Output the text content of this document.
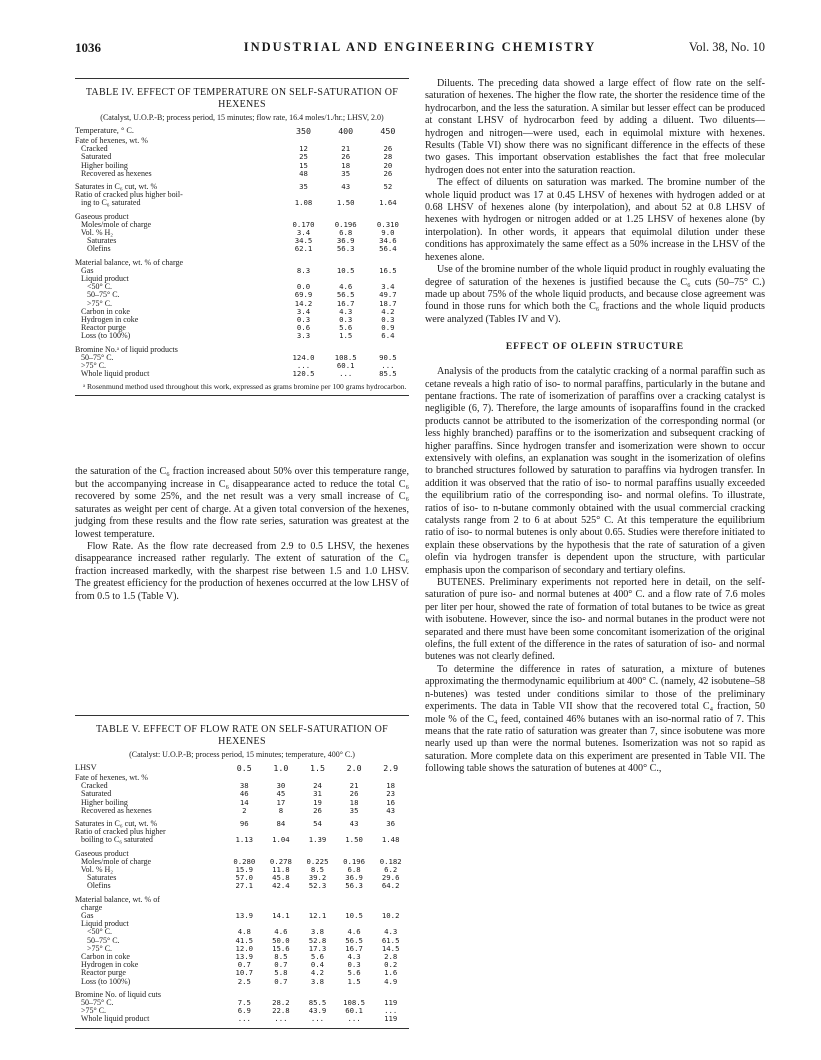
1036	INDUSTRIAL AND ENGINEERING CHEMISTRY	Vol. 38, No. 10
TABLE IV. EFFECT OF TEMPERATURE ON SELF-SATURATION OF HEXENES
(Catalyst, U.O.P.-B; process period, 15 minutes; flow rate, 16.4 moles/1./hr.; LHSV, 2.0)
Temperature, ° C.	350	400	450
Fate of hexenes, wt. %			
Cracked	12	21	26
Saturated	25	26	28
Higher boiling	15	18	20
Recovered as hexenes	48	35	26

Saturates in C₆ cut, wt. %	35	43	52
Ratio of cracked plus higher boil-			
ing to C₆ saturated	1.08	1.50	1.64

Gaseous product			
Moles/mole of charge	0.170	0.196	0.310
Vol. % H₂	3.4	6.8	9.0
Saturates	34.5	36.9	34.6
Olefins	62.1	56.3	56.4

Material balance, wt. % of charge			
Gas	8.3	10.5	16.5
Liquid product			
<50° C.	0.0	4.6	3.4
50–75° C.	69.9	56.5	49.7
>75° C.	14.2	16.7	18.7
Carbon in coke	3.4	4.3	4.2
Hydrogen in coke	0.3	0.3	0.3
Reactor purge	0.6	5.6	0.9
Loss (to 100%)	3.3	1.5	6.4

Bromine No.ᵃ of liquid products			
50–75° C.	124.0	108.5	90.5
>75° C.	...	60.1	...
Whole liquid product	120.5	...	85.5
ᵃ Rosenmund method used throughout this work, expressed as grams bromine per 100 grams hydrocarbon.

the saturation of the C₆ fraction increased about 50% over this temperature range, but the accompanying increase in C₆ disappearance acted to reduce the total C₆ recovered by some 25%, and the net result was a very small increase of C₆ saturates as weight per cent of charge. At a given total conversion of the hexenes, judging from these results and the flow rate series, saturation was greatest at the lowest temperature.

Flow Rate. As the flow rate decreased from 2.9 to 0.5 LHSV, the hexenes disappearance increased rather regularly. The extent of saturation of the C₆ fraction increased markedly, with the sharpest rise between 1.5 and 1.0 LHSV. The greatest efficiency for the production of hexenes occurred at the low LHSV of from 0.5 to 1.5 (Table V).

TABLE V. EFFECT OF FLOW RATE ON SELF-SATURATION OF HEXENES
(Catalyst: U.O.P.-B; process period, 15 minutes; temperature, 400° C.)
LHSV	0.5	1.0	1.5	2.0	2.9
Fate of hexenes, wt. %					
Cracked	38	30	24	21	18
Saturated	46	45	31	26	23
Higher boiling	14	17	19	18	16
Recovered as hexenes	2	8	26	35	43

Saturates in C₆ cut, wt. %	96	84	54	43	36
Ratio of cracked plus higher					
boiling to C₆ saturated	1.13	1.04	1.39	1.50	1.48

Gaseous product					
Moles/mole of charge	0.280	0.278	0.225	0.196	0.182
Vol. % H₂	15.9	11.8	8.5	6.8	6.2
Saturates	57.0	45.8	39.2	36.9	29.6
Olefins	27.1	42.4	52.3	56.3	64.2

Material balance, wt. % of					
charge					
Gas	13.9	14.1	12.1	10.5	10.2
Liquid product					
<50° C.	4.8	4.6	3.8	4.6	4.3
50–75° C.	41.5	50.0	52.8	56.5	61.5
>75° C.	12.0	15.6	17.3	16.7	14.5
Carbon in coke	13.9	8.5	5.6	4.3	2.8
Hydrogen in coke	0.7	0.7	0.4	0.3	0.2
Reactor purge	10.7	5.8	4.2	5.6	1.6
Loss (to 100%)	2.5	0.7	3.8	1.5	4.9

Bromine No. of liquid cuts					
50–75° C.	7.5	28.2	85.5	108.5	119
>75° C.	6.9	22.8	43.9	60.1	...
Whole liquid product	...	...	...	...	119

Diluents. The preceding data showed a large effect of flow rate on the self-saturation of hexenes. The higher the flow rate, the shorter the residence time of the hydrocarbon, and the less the saturation. A similar but lesser effect can be produced at constant LHSV of hydrocarbon feed by adding a diluent. Two diluents—hydrogen and nitrogen—were used, each in equimolal mixture with hexenes. Results (Table VI) show there was no significant difference in the effects of these two gases. This important observation establishes the fact that free molecular hydrogen does not enter into the saturation reaction.

The effect of diluents on saturation was marked. The bromine number of the whole liquid product was 17 at 0.45 LHSV of hexenes with hydrogen added or at 0.68 LHSV of hexenes alone (by interpolation), and about 52 at 0.8 LHSV of hexenes with hydrogen or nitrogen added or at 1.25 LHSV of hexenes alone (by interpolation). In other words, it appears that equimolal dilution under these conditions has approximately the same effect as a 50% increase in the LHSV of the hexenes alone.

Use of the bromine number of the whole liquid product in roughly evaluating the degree of saturation of the hexenes is justified because the C₆ cuts (50–75° C.) made up about 75% of the whole liquid products, and because close agreement was found in those runs for which both the C₆ fractions and the whole liquid products were analyzed (Tables IV and V).

EFFECT OF OLEFIN STRUCTURE

Analysis of the products from the catalytic cracking of a normal paraffin such as cetane reveals a high ratio of iso- to normal paraffins, particularly in the butane and pentane fractions. The rate of isomerization of paraffins over a cracking catalyst is negligible (6, 7). Therefore, the large amounts of isoparaffins found in the cracked products cannot be attributed to the isomerization of the corresponding normal (or less highly branched) paraffins or to the isomerization and subsequent cracking of higher paraffins. Since hydrogen transfer and isomerization were shown to occur extensively with olefins, an explanation was sought in the isomerization of olefins to branched structures followed by saturation to paraffins via hydrogen transfer. In addition it was observed that the ratio of iso- to normal paraffins usually exceeded the equilibrium ratio of the corresponding iso- and normal olefins. To illustrate, ratios of iso- to n-butane commonly obtained with the usual commercial cracking catalysts range from 2 to 6 at about 525° C. At this temperature the equilibrium ratio of iso- to normal butenes is only about 0.65. Studies were therefore initiated to explain these observations by the hypothesis that the rate of saturation of a given olefin via hydrogen transfer is dependent upon the structure, with particular emphasis upon the comparison of secondary and tertiary olefins.

BUTENES. Preliminary experiments not reported here in detail, on the self-saturation of pure iso- and normal butenes at 400° C. and a flow rate of 7.6 moles per liter per hour, showed the rate of formation of total butanes to be twice as great with isobutene. However, since the iso- and normal butanes in the product were not separated and there must have been some concomitant isomerization of the original olefins, the full extent of the difference in the rates of saturation of iso- and normal butenes was not clearly defined.

To determine the difference in rates of saturation, a mixture of butenes approximating the thermodynamic equilibrium at 400° C. (namely, 42 isobutene–58 n-butenes) was tested under conditions similar to those of the preliminary experiments. The data in Table VII show that the recovered total C₄ fraction, 50 mole % of the C₄ feed, contained 46% butanes with an iso-normal ratio of 7. This means that the rate ratio of saturation was greater than 7, since isobutene was more nearly used up than were the normal butenes. Isomerization was not so rapid as saturation. More complete data on this experiment are presented in Table VII. The following table shows the saturation of butenes at 400° C.,
